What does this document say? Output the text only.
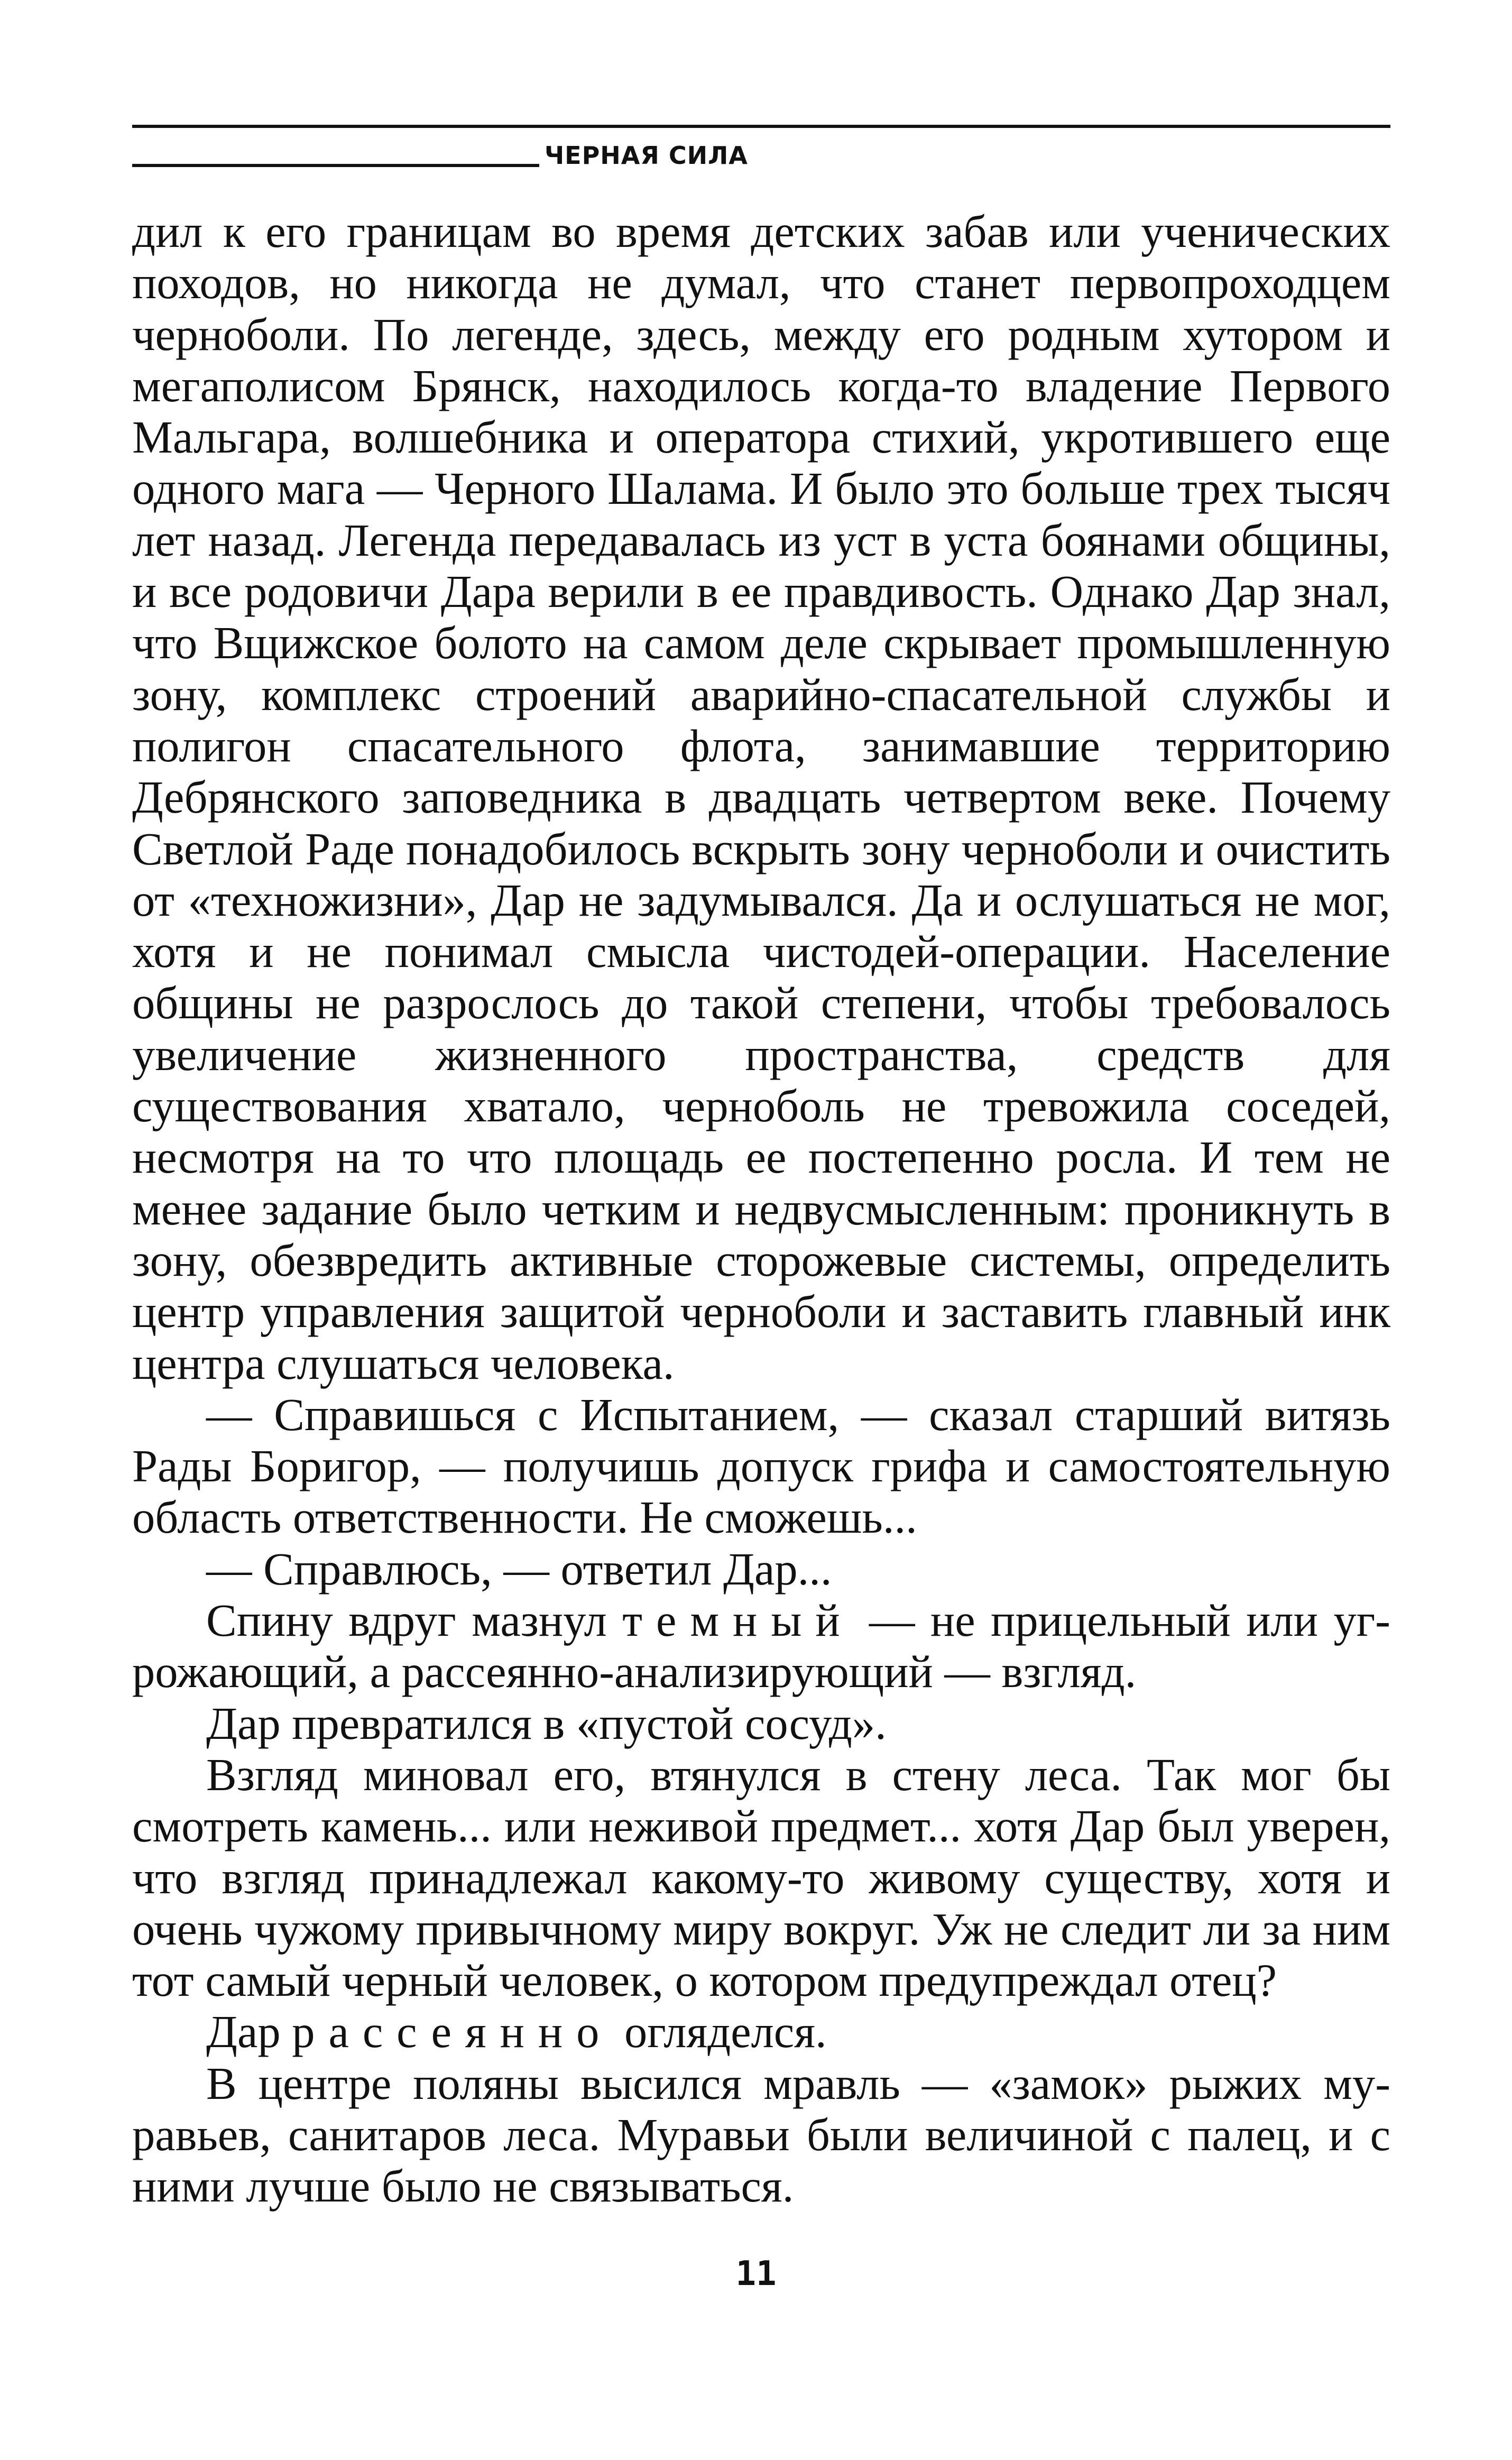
ЧЕРНАЯ СИЛА

дил к его границам во время детских забав или ученических походов, но никогда не думал, что станет первопроходцем черноболи. По легенде, здесь, между его родным хутором и мегаполисом Брянск, находилось когда-то владение Первого Мальгара, волшебника и оператора стихий, укротившего еще одного мага — Черного Шалама. И было это больше трех тысяч лет назад. Легенда передавалась из уст в уста боянами общины, и все родовичи Дара верили в ее правдивость. Однако Дар знал, что Вщижское болото на самом деле скрывает промышленную зону, комплекс строений аварийно-спасательной службы и полигон спасательного флота, занимавшие территорию Дебрянского заповедника в двадцать четвертом веке. Почему Светлой Раде понадобилось вскрыть зону черноболи и очистить от «техножизни», Дар не задумывался. Да и ослушаться не мог, хотя и не понимал смысла чистодей-операции. Население общины не разрослось до такой степени, чтобы требовалось увеличение жизненного пространства, средств для существования хватало, черноболь не тревожила соседей, несмотря на то что площадь ее постепенно росла. И тем не менее задание было четким и недвусмысленным: проникнуть в зону, обезвредить активные сторожевые системы, определить центр управления защитой черноболи и заставить главный инк центра слушаться человека.

— Справишься с Испытанием, — сказал старший витязь Рады Боригор, — получишь допуск грифа и самостоятельную область ответственности. Не сможешь...

— Справлюсь, — ответил Дар...

Спину вдруг мазнул темный — не прицельный или угрожающий, а рассеянно-анализирующий — взгляд.

Дар превратился в «пустой сосуд».

Взгляд миновал его, втянулся в стену леса. Так мог бы смотреть камень... или неживой предмет... хотя Дар был уверен, что взгляд принадлежал какому-то живому существу, хотя и очень чужому привычному миру вокруг. Уж не следит ли за ним тот самый черный человек, о котором предупреждал отец?

Дар рассеянно огляделся.

В центре поляны высился мравль — «замок» рыжих муравьев, санитаров леса. Муравьи были величиной с палец, и с ними лучше было не связываться.

11
